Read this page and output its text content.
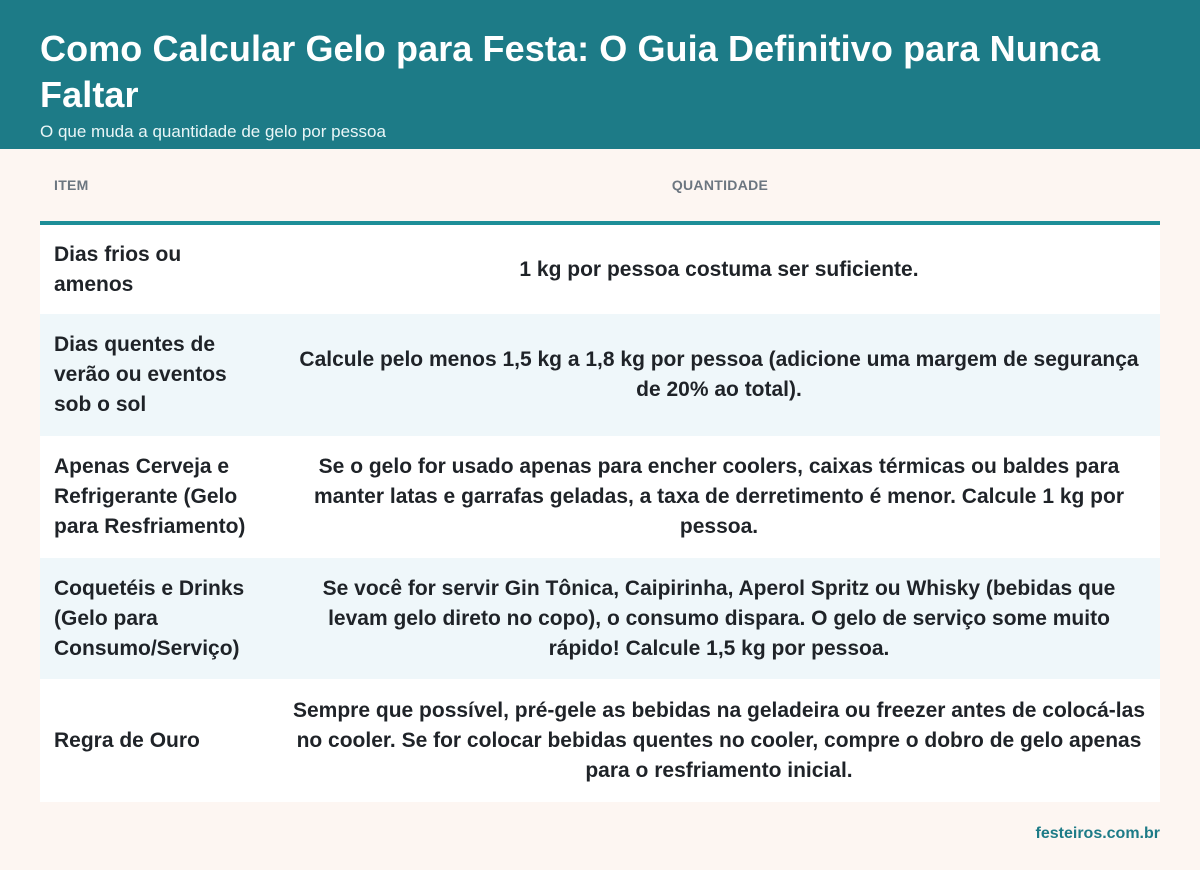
Como Calcular Gelo para Festa: O Guia Definitivo para Nunca Faltar
O que muda a quantidade de gelo por pessoa
ITEM	QUANTIDADE
Dias frios ou amenos	1 kg por pessoa costuma ser suficiente.
Dias quentes de verão ou eventos sob o sol	Calcule pelo menos 1,5 kg a 1,8 kg por pessoa (adicione uma margem de segurança de 20% ao total).
Apenas Cerveja e Refrigerante (Gelo para Resfriamento)	Se o gelo for usado apenas para encher coolers, caixas térmicas ou baldes para manter latas e garrafas geladas, a taxa de derretimento é menor. Calcule 1 kg por pessoa.
Coquetéis e Drinks (Gelo para Consumo/Serviço)	Se você for servir Gin Tônica, Caipirinha, Aperol Spritz ou Whisky (bebidas que levam gelo direto no copo), o consumo dispara. O gelo de serviço some muito rápido! Calcule 1,5 kg por pessoa.
Regra de Ouro	Sempre que possível, pré-gele as bebidas na geladeira ou freezer antes de colocá-las no cooler. Se for colocar bebidas quentes no cooler, compre o dobro de gelo apenas para o resfriamento inicial.
festeiros.com.br
